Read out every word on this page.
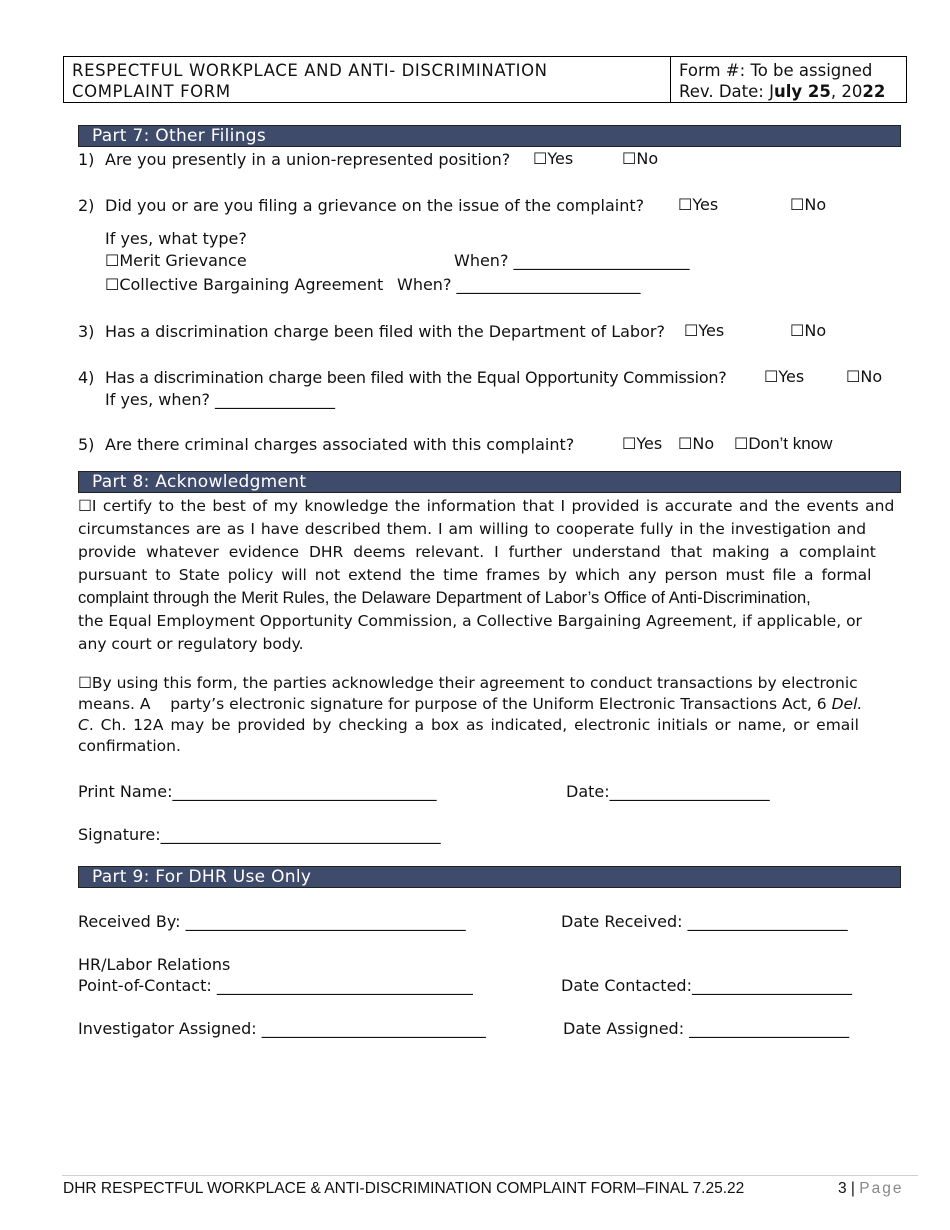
RESPECTFUL WORKPLACE AND ANTI- DISCRIMINATION
COMPLAINT FORM
Form #: To be assigned
Rev. Date: July 25, 2022
Part 7: Other Filings
1) Are you presently in a union-represented position? ☐Yes	☐No
2) Did you or are you filing a grievance on the issue of the complaint? ☐Yes	☐No
If yes, what type?
☐Merit Grievance	When? ______________________
☐Collective Bargaining Agreement When? _______________________
3) Has a discrimination charge been filed with the Department of Labor? ☐Yes	☐No
4) Has a discrimination charge been filed with the Equal Opportunity Commission? ☐Yes	☐No
If yes, when? _______________
5) Are there criminal charges associated with this complaint?	☐Yes ☐No ☐Don’t know
Part 8: Acknowledgment
☐I certify to the best of my knowledge the information that I provided is accurate and the events and
circumstances are as I have described them. I am willing to cooperate fully in the investigation and
provide whatever evidence DHR deems relevant. I further understand that making a complaint
pursuant to State policy will not extend the time frames by which any person must file a formal
complaint through the Merit Rules, the Delaware Department of Labor’s Office of Anti-Discrimination,
the Equal Employment Opportunity Commission, a Collective Bargaining Agreement, if applicable, or
any court or regulatory body.
☐By using this form, the parties acknowledge their agreement to conduct transactions by electronic
means. A    party’s electronic signature for purpose of the Uniform Electronic Transactions Act, 6 Del.
C. Ch. 12A may be provided by checking a box as indicated, electronic initials or name, or email
confirmation.
Print Name:_________________________________	Date:____________________
Signature:___________________________________
Part 9: For DHR Use Only
Received By: ___________________________________	Date Received: ____________________
HR/Labor Relations
Point-of-Contact: ________________________________	Date Contacted:____________________
Investigator Assigned: ____________________________	Date Assigned: ____________________
DHR RESPECTFUL WORKPLACE & ANTI-DISCRIMINATION COMPLAINT FORM–FINAL 7.25.22	3 | Page
